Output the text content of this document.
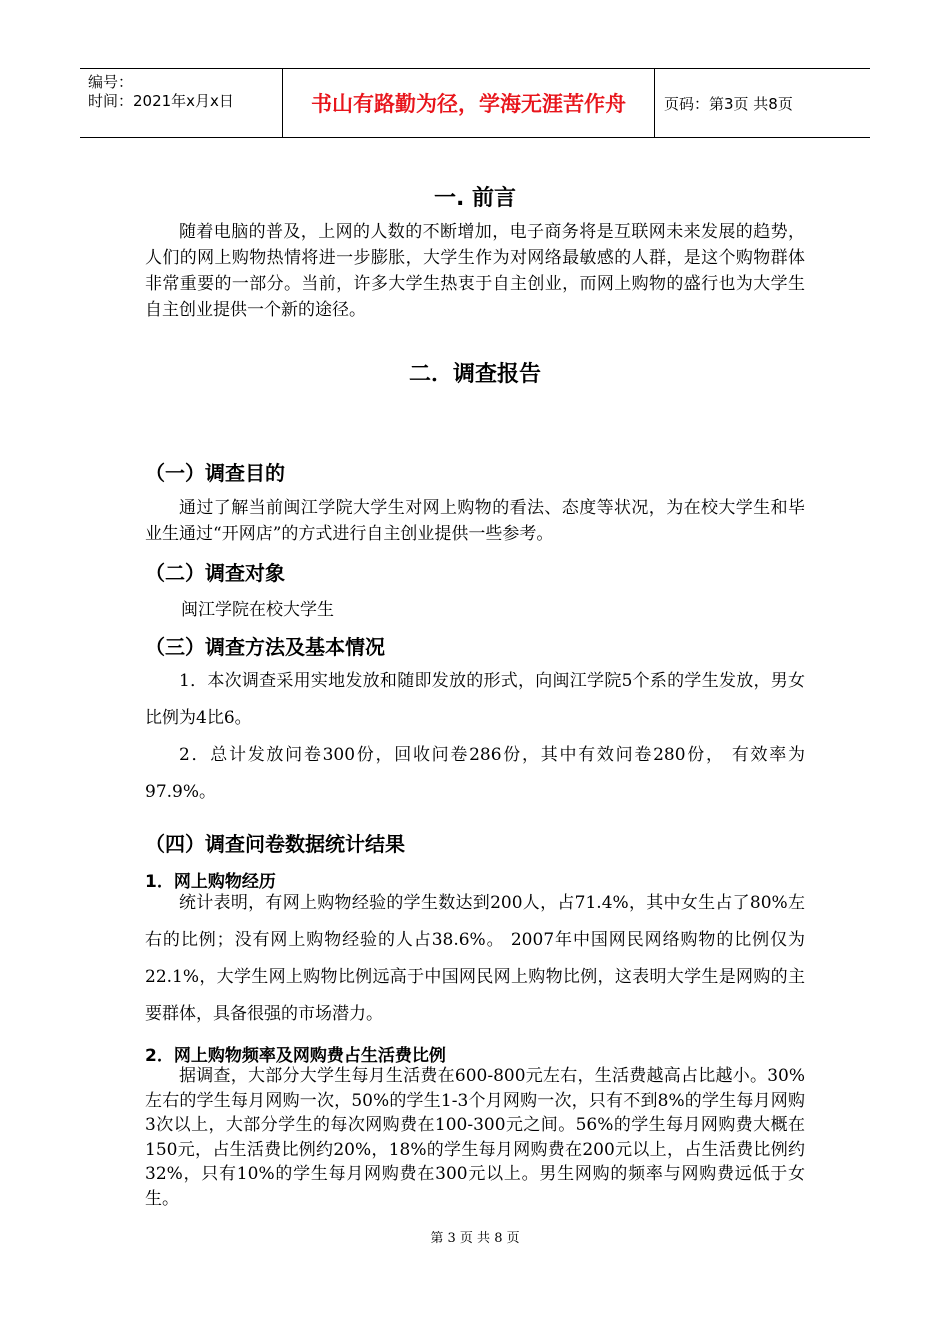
编号：
时间：2021年x月x日	书山有路勤为径，学海无涯苦作舟	页码：第3页 共8页
一. 前言

随着电脑的普及，上网的人数的不断增加，电子商务将是互联网未来发展的趋势，人们的网上购物热情将进一步膨胀，大学生作为对网络最敏感的人群，是这个购物群体非常重要的一部分。当前，许多大学生热衷于自主创业，而网上购物的盛行也为大学生自主创业提供一个新的途径。

二．调查报告
（一）调查目的

通过了解当前闽江学院大学生对网上购物的看法、态度等状况，为在校大学生和毕业生通过“开网店”的方式进行自主创业提供一些参考。

（二）调查对象
闽江学院在校大学生
（三）调查方法及基本情况

1．本次调查采用实地发放和随即发放的形式，向闽江学院5个系的学生发放，男女比例为4比6。

2．总计发放问卷300份，回收问卷286份，其中有效问卷280份， 有效率为97.9%。

（四）调查问卷数据统计结果
1．网上购物经历

统计表明，有网上购物经验的学生数达到200人，占71.4%，其中女生占了80%左右的比例；没有网上购物经验的人占38.6%。 2007年中国网民网络购物的比例仅为22.1%，大学生网上购物比例远高于中国网民网上购物比例，这表明大学生是网购的主要群体，具备很强的市场潜力。

2．网上购物频率及网购费占生活费比例

据调查，大部分大学生每月生活费在600-800元左右，生活费越高占比越小。30%左右的学生每月网购一次，50%的学生1-3个月网购一次，只有不到8%的学生每月网购3次以上，大部分学生的每次网购费在100-300元之间。56%的学生每月网购费大概在150元，占生活费比例约20%，18%的学生每月网购费在200元以上，占生活费比例约32%，只有10%的学生每月网购费在300元以上。男生网购的频率与网购费远低于女生。

第 3 页 共 8 页
